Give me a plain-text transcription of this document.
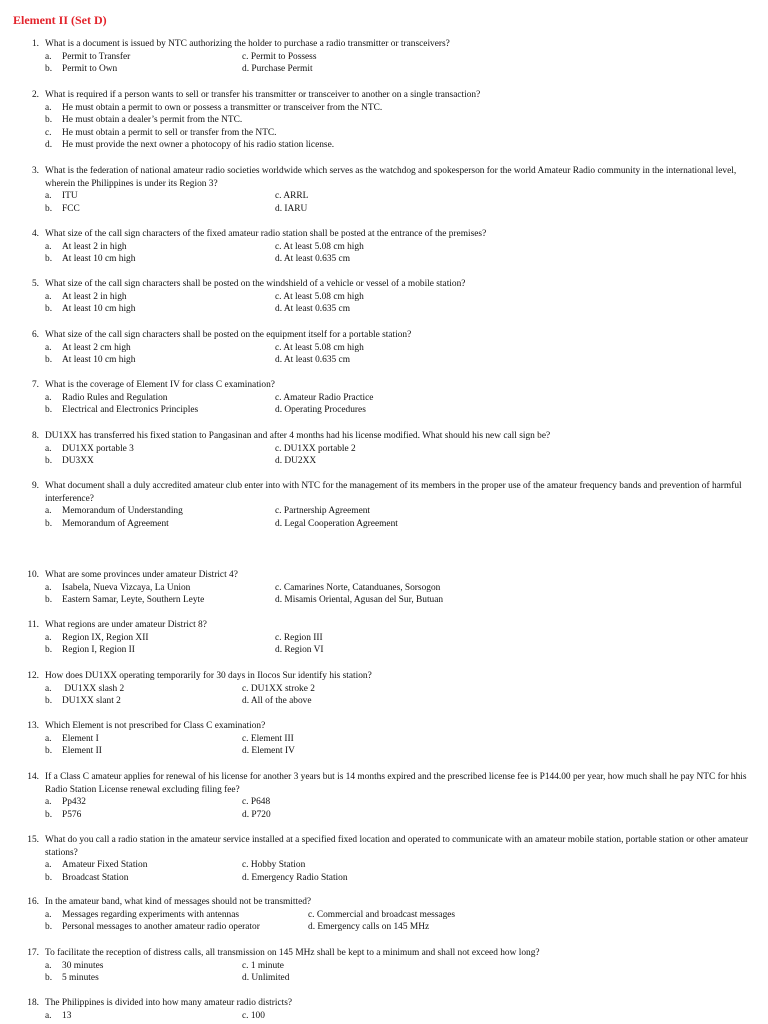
Element II (Set D)
1. What is a document is issued by NTC authorizing the holder to purchase a radio transmitter or transceivers?
a. Permit to Transfer	c. Permit to Possess
b. Permit to Own	d. Purchase Permit
2. What is required if a person wants to sell or transfer his transmitter or transceiver to another on a single transaction?
a. He must obtain a permit to own or possess a transmitter or transceiver from the NTC.
b. He must obtain a dealer’s permit from the NTC.
c. He must obtain a permit to sell or transfer from the NTC.
d. He must provide the next owner a photocopy of his radio station license.
3. What is the federation of national amateur radio societies worldwide which serves as the watchdog and spokesperson for the world Amateur Radio community in the international level, wherein the Philippines is under its Region 3?
a. ITU	c. ARRL
b. FCC	d. IARU
4. What size of the call sign characters of the fixed amateur radio station shall be posted at the entrance of the premises?
a. At least 2 in high	c. At least 5.08 cm high
b. At least 10 cm high	d. At least 0.635 cm
5. What size of the call sign characters shall be posted on the windshield of a vehicle or vessel of a mobile station?
a. At least 2 in high	c. At least 5.08 cm high
b. At least 10 cm high	d. At least 0.635 cm
6. What size of the call sign characters shall be posted on the equipment itself for a portable station?
a. At least 2 cm high	c. At least 5.08 cm high
b. At least 10 cm high	d. At least 0.635 cm
7. What is the coverage of Element IV for class C examination?
a. Radio Rules and Regulation	c. Amateur Radio Practice
b. Electrical and Electronics Principles	d. Operating Procedures
8. DU1XX has transferred his fixed station to Pangasinan and after 4 months had his license modified. What should his new call sign be?
a. DU1XX portable 3	c. DU1XX portable 2
b. DU3XX	d. DU2XX
9. What document shall a duly accredited amateur club enter into with NTC for the management of its members in the proper use of the amateur frequency bands and prevention of harmful interference?
a. Memorandum of Understanding	c. Partnership Agreement
b. Memorandum of Agreement	d. Legal Cooperation Agreement
10. What are some provinces under amateur District 4?
a. Isabela, Nueva Vizcaya, La Union	c. Camarines Norte, Catanduanes, Sorsogon
b. Eastern Samar, Leyte, Southern Leyte	d. Misamis Oriental, Agusan del Sur, Butuan
11. What regions are under amateur District 8?
a. Region IX, Region XII	c. Region III
b. Region I, Region II	d. Region VI
12. How does DU1XX operating temporarily for 30 days in Ilocos Sur identify his station?
a. DU1XX slash 2	c. DU1XX stroke 2
b. DU1XX slant 2	d. All of the above
13. Which Element is not prescribed for Class C examination?
a. Element I	c. Element III
b. Element II	d. Element IV
14. If a Class C amateur applies for renewal of his license for another 3 years but is 14 months expired and the prescribed license fee is P144.00 per year, how much shall he pay NTC for hhis Radio Station License renewal excluding filing fee?
a. Pp432	c. P648
b. P576	d. P720
15. What do you call a radio station in the amateur service installed at a specified fixed location and operated to communicate with an amateur mobile station, portable station or other amateur stations?
a. Amateur Fixed Station	c. Hobby Station
b. Broadcast Station	d. Emergency Radio Station
16. In the amateur band, what kind of messages should not be transmitted?
a. Messages regarding experiments with antennas	c. Commercial and broadcast messages
b. Personal messages to another amateur radio operator	d. Emergency calls on 145 MHz
17. To facilitate the reception of distress calls, all transmission on 145 MHz shall be kept to a minimum and shall not exceed how long?
a. 30 minutes	c. 1 minute
b. 5 minutes	d. Unlimited
18. The Philippines is divided into how many amateur radio districts?
a. 13	c. 100
